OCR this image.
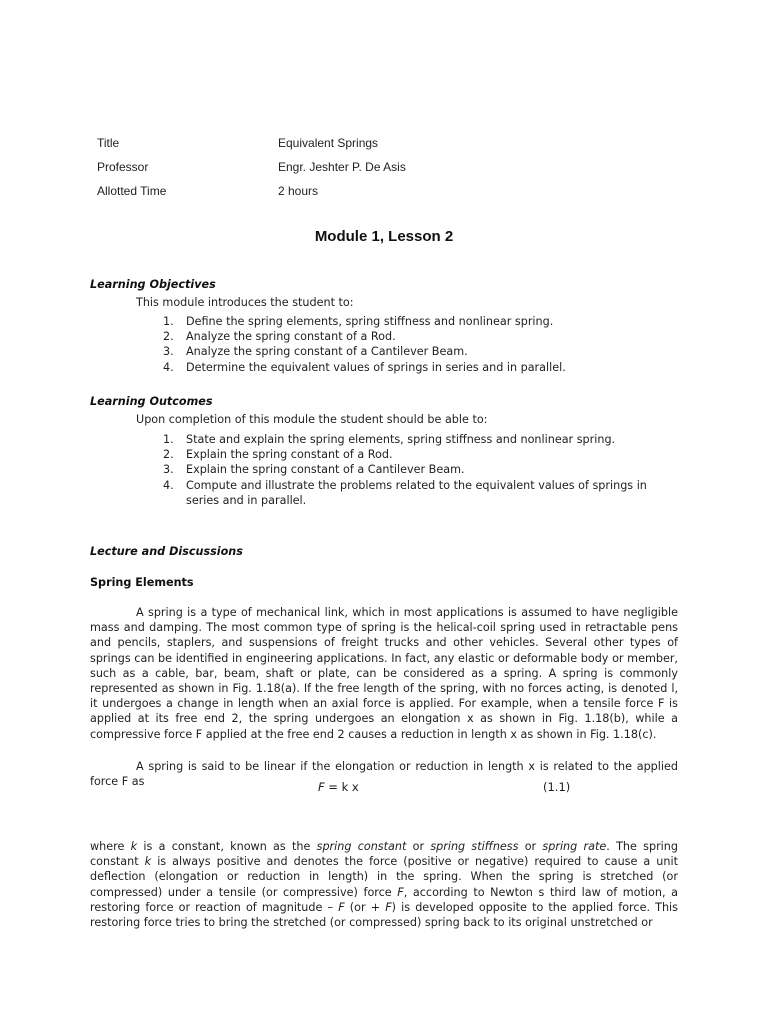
Title	Equivalent Springs
Professor	Engr. Jeshter P. De Asis
Allotted Time	2 hours
Module 1, Lesson 2
Learning Objectives
This module introduces the student to:
1.	Define the spring elements, spring stiffness and nonlinear spring.
2.	Analyze the spring constant of a Rod.
3.	Analyze the spring constant of a Cantilever Beam.
4.	Determine the equivalent values of springs in series and in parallel.
Learning Outcomes
Upon completion of this module the student should be able to:
1.	State and explain the spring elements, spring stiffness and nonlinear spring.
2.	Explain the spring constant of a Rod.
3.	Explain the spring constant of a Cantilever Beam.
4.	Compute and illustrate the problems related to the equivalent values of springs in series and in parallel.
Lecture and Discussions
Spring Elements
A spring is a type of mechanical link, which in most applications is assumed to have negligible mass and damping. The most common type of spring is the helical-coil spring used in retractable pens and pencils, staplers, and suspensions of freight trucks and other vehicles. Several other types of springs can be identified in engineering applications. In fact, any elastic or deformable body or member, such as a cable, bar, beam, shaft or plate, can be considered as a spring. A spring is commonly represented as shown in Fig. 1.18(a). If the free length of the spring, with no forces acting, is denoted l, it undergoes a change in length when an axial force is applied. For example, when a tensile force F is applied at its free end 2, the spring undergoes an elongation x as shown in Fig. 1.18(b), while a compressive force F applied at the free end 2 causes a reduction in length x as shown in Fig. 1.18(c).
A spring is said to be linear if the elongation or reduction in length x is related to the applied force F as	F = k x	(1.1)
where k is a constant, known as the spring constant or spring stiffness or spring rate. The spring constant k is always positive and denotes the force (positive or negative) required to cause a unit deflection (elongation or reduction in length) in the spring. When the spring is stretched (or compressed) under a tensile (or compressive) force F, according to Newton s third law of motion, a restoring force or reaction of magnitude – F (or + F) is developed opposite to the applied force. This restoring force tries to bring the stretched (or compressed) spring back to its original unstretched or
